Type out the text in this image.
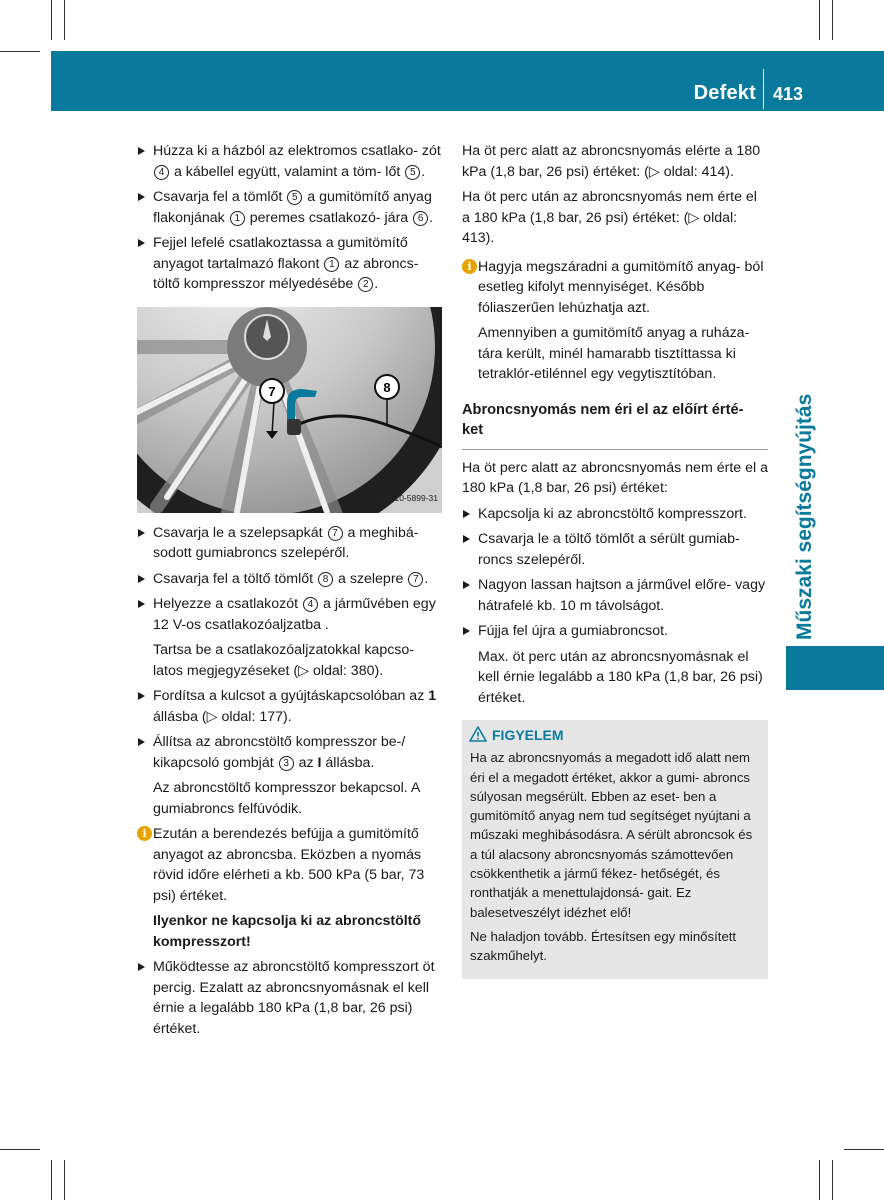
Defekt 413
Műszaki segítségnyújtás

Húzza ki a házból az elektromos csatlako- zót 4 a kábellel együtt, valamint a töm- lőt 5 .

Csavarja fel a tömlőt 5 a gumitömítő anyag flakonjának 1 peremes csatlakozó- jára 6 .

Fejjel lefelé csatlakoztassa a gumitömítő anyagot tartalmazó flakont 1 az abroncs- töltő kompresszor mélyedésébe 2 .

7	8
P40.10-5899-31

Csavarja le a szelepsapkát 7 a meghibá- sodott gumiabroncs szelepéről.

Csavarja fel a töltő tömlőt 8 a szelepre 7 .

Helyezze a csatlakozót 4 a járművében egy 12 V-os csatlakozóaljzatba .

Tartsa be a csatlakozóaljzatokkal kapcso- latos megjegyzéseket (▷ oldal: 380).

Fordítsa a kulcsot a gyújtáskapcsolóban az 1 állásba (▷ oldal: 177).

Állítsa az abroncstöltő kompresszor be-/ kikapcsoló gombját 3 az I állásba.

Az abroncstöltő kompresszor bekapcsol. A gumiabroncs felfúvódik.

i Ezután a berendezés befújja a gumitömítő anyagot az abroncsba. Eközben a nyomás rövid időre elérheti a kb. 500 kPa (5 bar, 73 psi) értéket.

Ilyenkor ne kapcsolja ki az abroncstöltő kompresszort!

Működtesse az abroncstöltő kompresszort öt percig. Ezalatt az abroncsnyomásnak el kell érnie a legalább 180 kPa (1,8 bar, 26 psi) értéket.

Ha öt perc alatt az abroncsnyomás elérte a 180 kPa (1,8 bar, 26 psi) értéket: (▷ oldal: 414).

Ha öt perc után az abroncsnyomás nem érte el a 180 kPa (1,8 bar, 26 psi) értéket: (▷ oldal: 413).

i Hagyja megszáradni a gumitömítő anyag- ból esetleg kifolyt mennyiséget. Később fóliaszerűen lehúzhatja azt.

Amennyiben a gumitömítő anyag a ruháza- tára került, minél hamarabb tisztíttassa ki tetraklór-etilénnel egy vegytisztítóban.

Abroncsnyomás nem éri el az előírt érté- ket

Ha öt perc alatt az abroncsnyomás nem érte el a 180 kPa (1,8 bar, 26 psi) értéket:

Kapcsolja ki az abroncstöltő kompresszort.

Csavarja le a töltő tömlőt a sérült gumiab- roncs szelepéről.

Nagyon lassan hajtson a járművel előre- vagy hátrafelé kb. 10 m távolságot.

Fújja fel újra a gumiabroncsot.

Max. öt perc után az abroncsnyomásnak el kell érnie legalább a 180 kPa (1,8 bar, 26 psi) értéket.

FIGYELEM

Ha az abroncsnyomás a megadott idő alatt nem éri el a megadott értéket, akkor a gumi- abroncs súlyosan megsérült. Ebben az eset- ben a gumitömítő anyag nem tud segítséget nyújtani a műszaki meghibásodásra. A sérült abroncsok és a túl alacsony abroncsnyomás számottevően csökkenthetik a jármű fékez- hetőségét, és ronthatják a menettulajdonsá- gait. Ez balesetveszélyt idézhet elő!

Ne haladjon tovább. Értesítsen egy minősített szakműhelyt.
